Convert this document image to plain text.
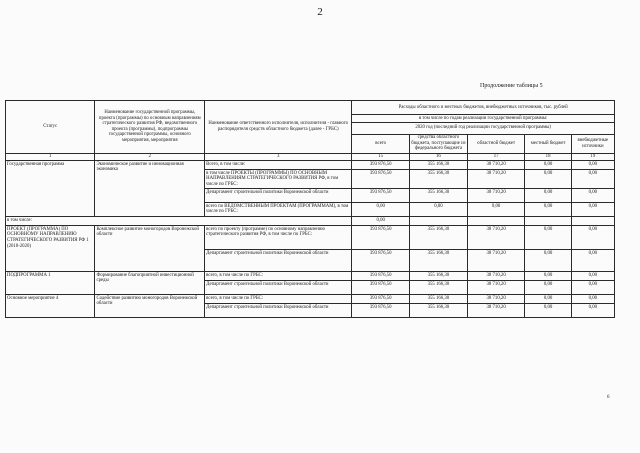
2
Продолжение таблицы 5
Статус	Наименование государственной программы, проекта (программы) по основным направлениям стратегического развития РФ, ведомственного проекта (программы), подпрограммы государственной программы, основного мероприятия, мероприятия	Наименование ответственного исполнителя, исполнителя - главного распорядителя средств областного бюджета (далее - ГРБС)	Расходы областного и местных бюджетов, внебюджетных источников, тыс. рублей				
			в том числе по годам реализации государственной программы:				
			2020 год (последний год реализации государственной программы)				
			всего	средства областного бюджета, поступающие из федерального бюджета	областной бюджет	местный бюджет	внебюджетные источники
1	2	3	15	16	17	18	19
Государственная программа	Экономическое развитие и инновационная экономика	Всего, в том числе:	393 876,50	355 166,30	38 710,20	0,00	0,00
		в том числе ПРОЕКТЫ (ПРОГРАММЫ) ПО ОСНОВНЫМ НАПРАВЛЕНИЯМ СТРАТЕГИЧЕСКОГО РАЗВИТИЯ РФ, в том числе по ГРБС:	393 876,50	355 166,30	38 710,20	0,00	0,00
		Департамент строительной политики Воронежской области	393 876,50	355 166,30	38 710,20	0,00	0,00
		всего по ВЕДОМСТВЕННЫМ ПРОЕКТАМ (ПРОГРАММАМ), в том числе по ГРБС:	0,00	0,00	0,00	0,00	0,00
в том числе:			0,00				
ПРОЕКТ (ПРОГРАММА) ПО ОСНОВНОМУ НАПРАВЛЕНИЮ СТРАТЕГИЧЕСКОГО РАЗВИТИЯ РФ 1 (2018-2020)	Комплексное развитие моногородов Воронежской области	всего по проекту (программе) по основному направлению стратегического развития РФ, в том числе по ГРБС:	393 876,50	355 166,30	38 710,20	0,00	0,00
		Департамент строительной политики Воронежской области	393 876,50	355 166,30	38 710,20	0,00	0,00
ПОДПРОГРАММА 1	Формирование благоприятной инвестиционной среды	всего, в том числе по ГРБС:	393 876,50	355 166,30	38 710,20	0,00	0,00
		Департамент строительной политики Воронежской области	393 876,50	355 166,30	38 710,20	0,00	0,00
Основное мероприятие 4	Содействие развитию моногородов Воронежской области	всего, в том числе по ГРБС:	393 876,50	355 166,30	38 710,20	0,00	0,00
		Департамент строительной политики Воронежской области	393 876,50	355 166,30	38 710,20	0,00	0,00
6
